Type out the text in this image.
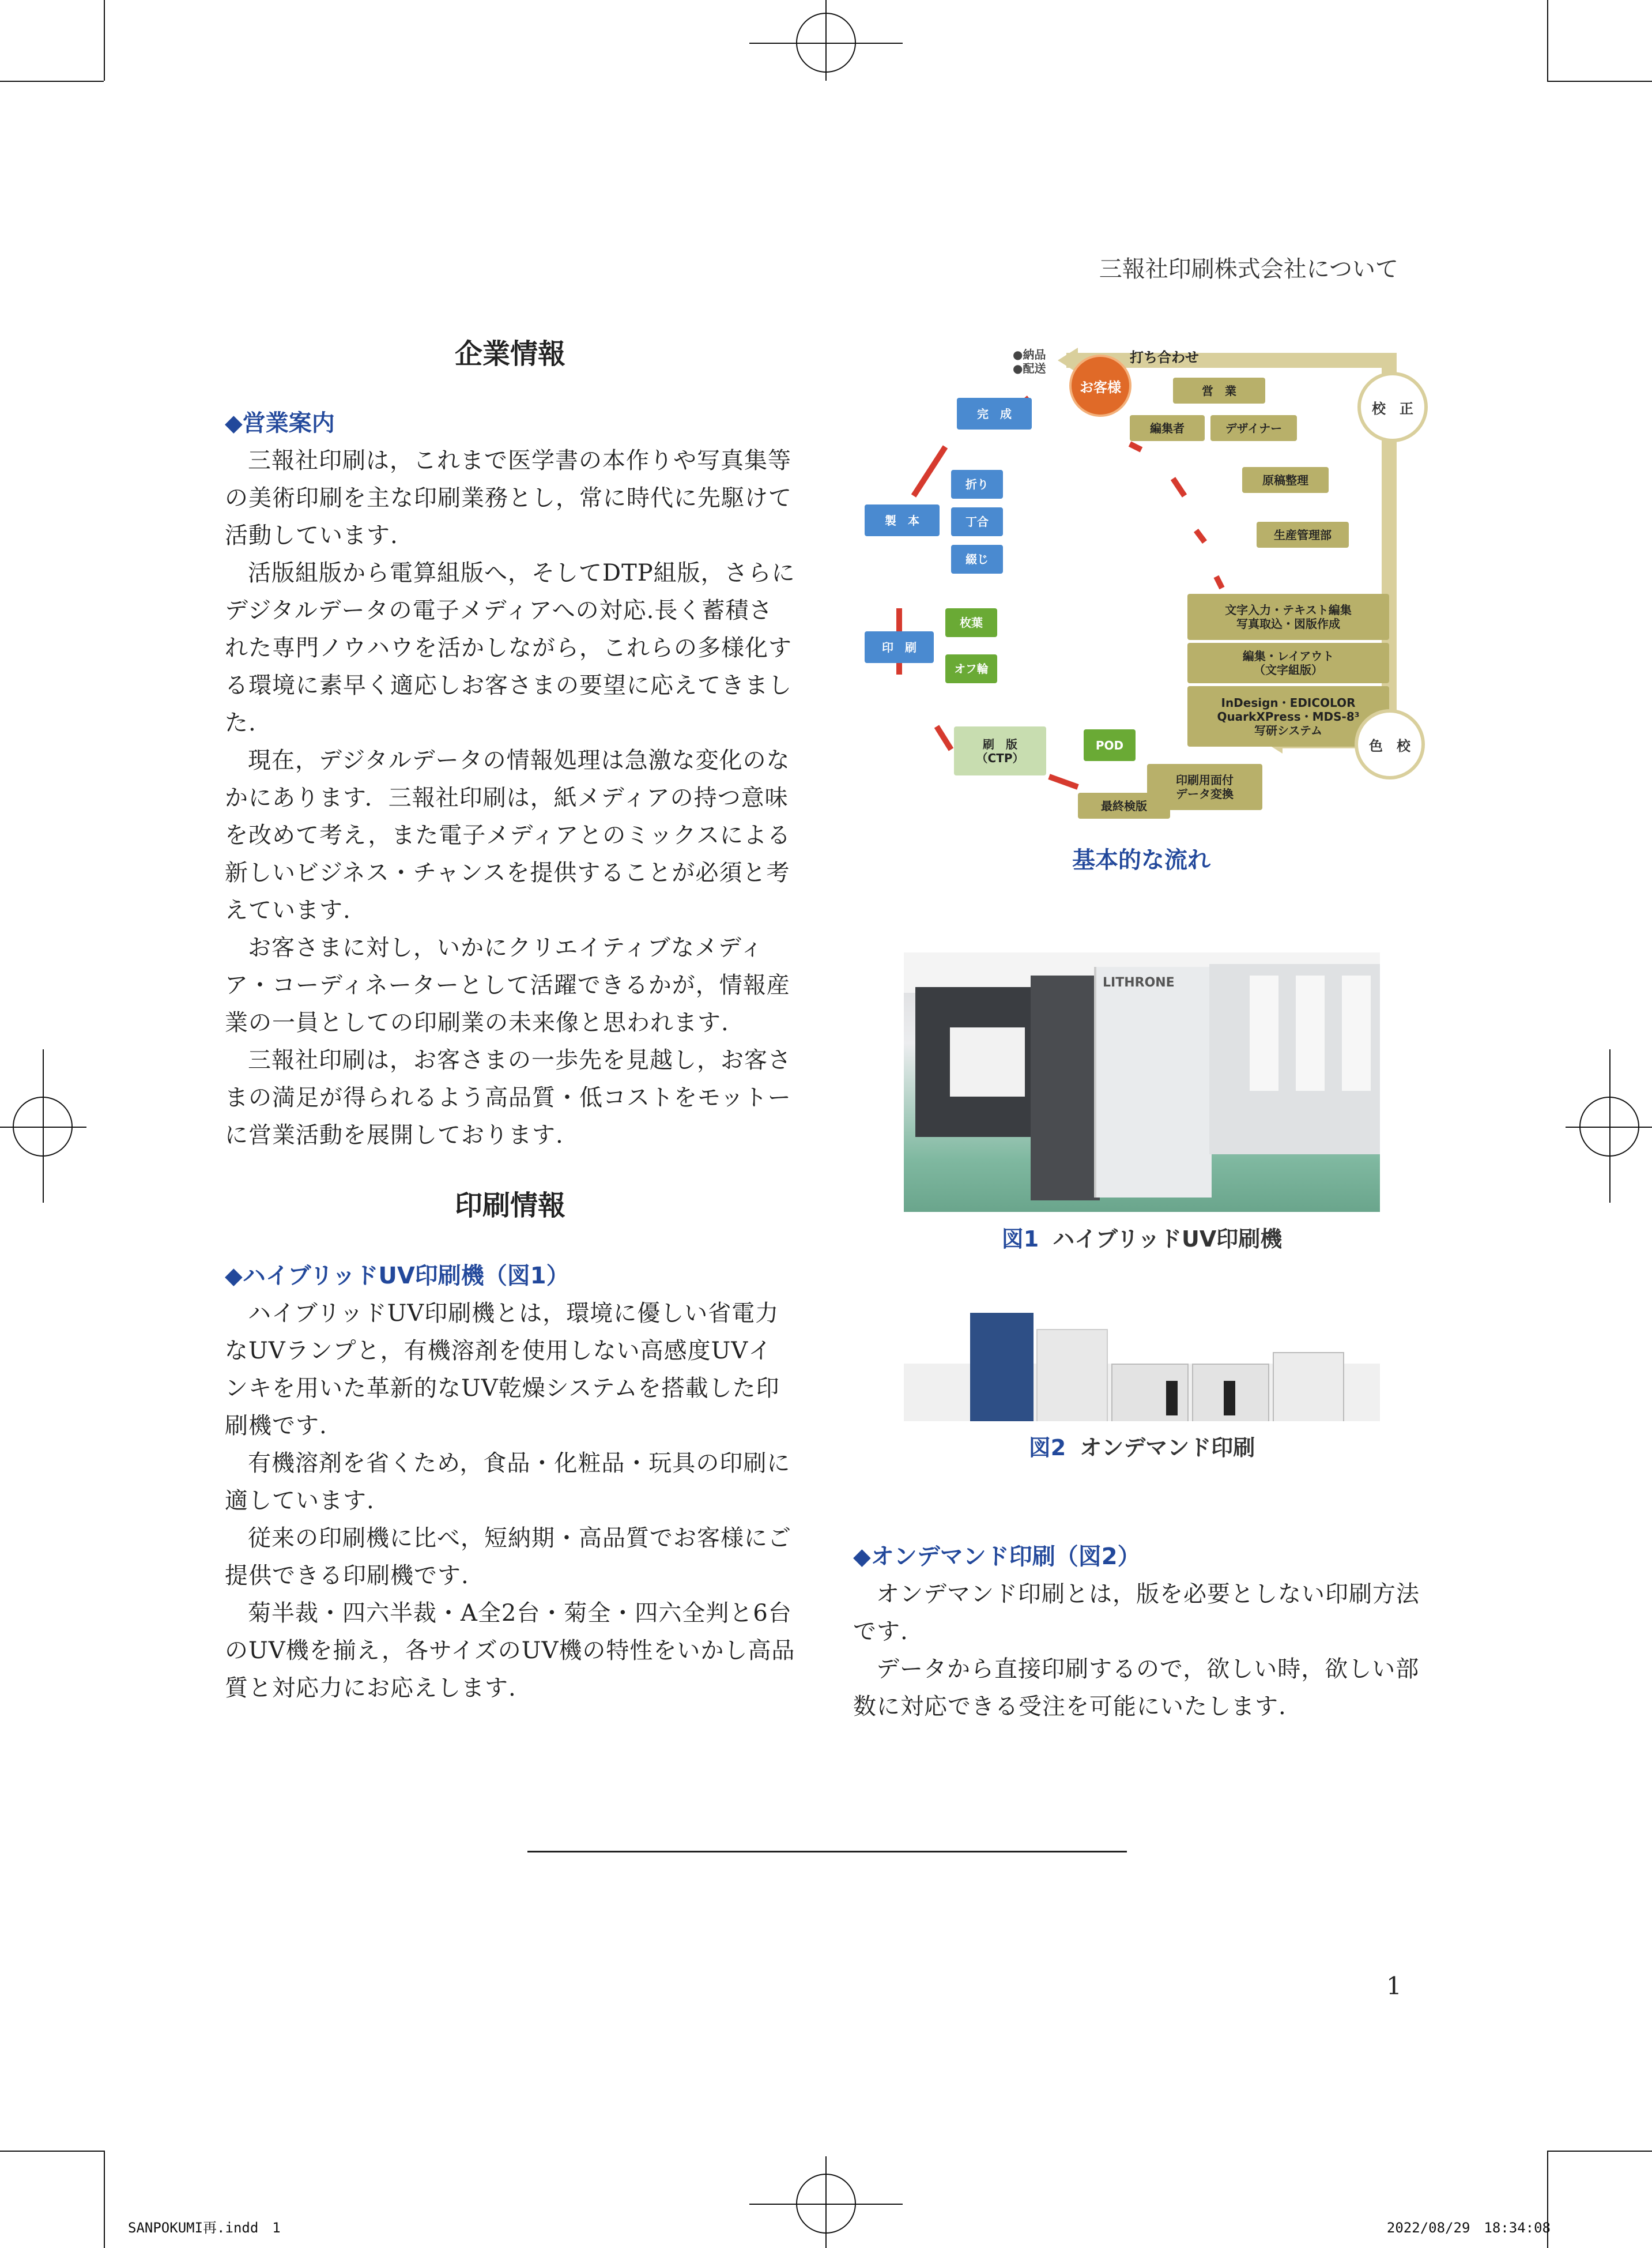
三報社印刷株式会社について
企業情報
◆営業案内

三報社印刷は，これまで医学書の本作りや写真集等の美術印刷を主な印刷業務とし，常に時代に先駆けて活動しています.

活版組版から電算組版へ，そしてDTP組版，さらにデジタルデータの電子メディアへの対応.長く蓄積された専門ノウハウを活かしながら，これらの多様化する環境に素早く適応しお客さまの要望に応えてきました.

現在，デジタルデータの情報処理は急激な変化のなかにあります．三報社印刷は，紙メディアの持つ意味を改めて考え，また電子メディアとのミックスによる新しいビジネス・チャンスを提供することが必須と考えています.

お客さまに対し，いかにクリエイティブなメディア・コーディネーターとして活躍できるかが，情報産業の一員としての印刷業の未来像と思われます.

三報社印刷は，お客さまの一歩先を見越し，お客さまの満足が得られるよう高品質・低コストをモットーに営業活動を展開しております.

印刷情報
◆ハイブリッドUV印刷機（図1）

ハイブリッドUV印刷機とは，環境に優しい省電力なUVランプと，有機溶剤を使用しない高感度UVインキを用いた革新的なUV乾燥システムを搭載した印刷機です.

有機溶剤を省くため，食品・化粧品・玩具の印刷に適しています.

従来の印刷機に比べ，短納期・高品質でお客様にご提供できる印刷機です.

菊半裁・四六半裁・A全2台・菊全・四六全判と6台のUV機を揃え，各サイズのUV機の特性をいかし高品質と対応力にお応えします.

●納品
●配送
お客様
打ち合わせ
営　業
編集者	デザイナー
原稿整理
生産管理部
文字入力・テキスト編集
写真取込・図版作成
編集・レイアウト
（文字組版）
InDesign・EDICOLOR
QuarkXPress・MDS-8³
写研システム
印刷用面付
データ変換
最終検版
POD
刷　版
（CTP）
印　刷
枚葉
オフ輪
製　本
折り
丁合
綴じ
完　成	校　正
色　校
基本的な流れ
LITHRONE
図1 ハイブリッドUV印刷機
図2 オンデマンド印刷
◆オンデマンド印刷（図2）

オンデマンド印刷とは，版を必要としない印刷方法です.

データから直接印刷するので，欲しい時，欲しい部数に対応できる受注を可能にいたします.

1
SANPOKUMI再.indd　1	2022/08/29　18:34:08
